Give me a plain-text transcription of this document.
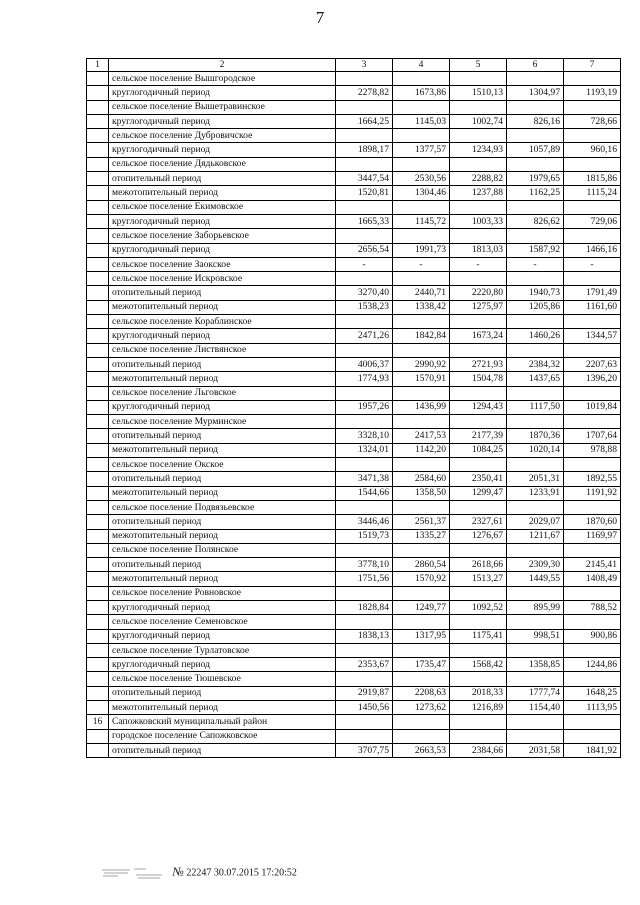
7
1	2	3	4	5	6	7
	сельское поселение Вышгородское					
	круглогодичный период	2278,82	1673,86	1510,13	1304,97	1193,19
	сельское поселение Вышетравинское					
	круглогодичный период	1664,25	1145,03	1002,74	826,16	728,66
	сельское поселение Дубровичское					
	круглогодичный период	1898,17	1377,57	1234,93	1057,89	960,16
	сельское поселение Дядьковское					
	отопительный период	3447,54	2530,56	2288,82	1979,65	1815,86
	межотопительный период	1520,81	1304,46	1237,88	1162,25	1115,24
	сельское поселение Екимовское					
	круглогодичный период	1665,33	1145,72	1003,33	826,62	729,06
	сельское поселение Заборьевское					
	круглогодичный период	2656,54	1991,73	1813,03	1587,92	1466,16
	сельское поселение Заокское	-	-	-	-	-
	сельское поселение Искровское					
	отопительный период	3270,40	2440,71	2220,80	1940,73	1791,49
	межотопительный период	1538,23	1338,42	1275,97	1205,86	1161,60
	сельское поселение Кораблинское					
	круглогодичный период	2471,26	1842,84	1673,24	1460,26	1344,57
	сельское поселение Листвянское					
	отопительный период	4006,37	2990,92	2721,93	2384,32	2207,63
	межотопительный период	1774,93	1570,91	1504,78	1437,65	1396,20
	сельское поселение Льговское					
	круглогодичный период	1957,26	1436,99	1294,43	1117,50	1019,84
	сельское поселение Мурминское					
	отопительный период	3328,10	2417,53	2177,39	1870,36	1707,64
	межотопительный период	1324,01	1142,20	1084,25	1020,14	978,88
	сельское поселение Окское					
	отопительный период	3471,38	2584,60	2350,41	2051,31	1892,55
	межотопительный период	1544,66	1358,50	1299,47	1233,91	1191,92
	сельское поселение Подвязьевское					
	отопительный период	3446,46	2561,37	2327,61	2029,07	1870,60
	межотопительный период	1519,73	1335,27	1276,67	1211,67	1169,97
	сельское поселение Полянское					
	отопительный период	3778,10	2860,54	2618,66	2309,30	2145,41
	межотопительный период	1751,56	1570,92	1513,27	1449,55	1408,49
	сельское поселение Ровновское					
	круглогодичный период	1828,84	1249,77	1092,52	895,99	788,52
	сельское поселение Семеновское					
	круглогодичный период	1838,13	1317,95	1175,41	998,51	900,86
	сельское поселение Турлатовское					
	круглогодичный период	2353,67	1735,47	1568,42	1358,85	1244,86
	сельское поселение Тюшевское					
	отопительный период	2919,87	2208,63	2018,33	1777,74	1648,25
	межотопительный период	1450,56	1273,62	1216,89	1154,40	1113,95
16	Сапожковский муниципальный район					
	городское поселение Сапожковское					
	отопительный период	3707,75	2663,53	2384,66	2031,58	1841,92
№ 22247 30.07.2015 17:20:52
